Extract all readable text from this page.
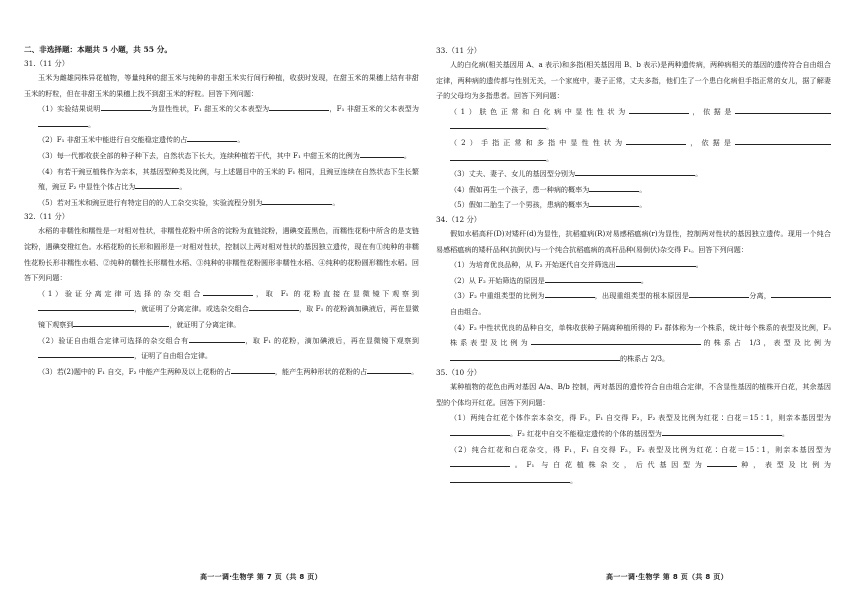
二、非选择题：本题共 5 小题，共 55 分。
31.（11 分）
玉米为雌雄同株异花植物，等量纯种的甜玉米与纯种的非甜玉米实行间行种植，收获时发现，在甜玉米的果穗上结有非甜玉米的籽粒，但在非甜玉米的果穗上找不到甜玉米的籽粒。回答下列问题：
（1）实验结果说明	为显性性状，F₁ 甜玉米的父本表型为	，F₁ 非甜玉米的父本表型为。
（2）F₁ 非甜玉米中能进行自交能稳定遗传的占	。
（3）每一代都收获全部的种子种下去，自然状态下长大，连续种植若干代，其中 F₁ 中甜玉米的比例为	。
（4）有若干豌豆植株作为亲本，其基因型种类及比例，与上述题目中的玉米的 F₁ 相同，且豌豆连续在自然状态下生长繁殖，豌豆 F₂ 中显性个体占比为	。
（5）若对玉米和豌豆进行有特定目的的人工杂交实验，实验流程分别为	。
32.（11 分）
水稻的非糯性和糯性是一对相对性状，非糯性花粉中所含的淀粉为直链淀粉，遇碘变蓝黑色，而糯性花粉中所含的是支链淀粉，遇碘变橙红色。水稻花粉的长形和圆形是一对相对性状，控制以上两对相对性状的基因独立遗传，现在有①纯种的非糯性花粉长形非糯性水稻、②纯种的糯性长形糯性水稻、③纯种的非糯性花粉圆形非糯性水稻、④纯种的花粉圆形糯性水稻。回答下列问题：
（1）验证分离定律可选择的杂交组合	，取 F₁ 的花粉直接在显微镜下观察到，就证明了分离定律。或选杂交组合	，取 F₁ 的花粉滴加碘液后，再在显微镜下观察到	，就证明了分离定律。
（2）验证自由组合定律可选择的杂交组合有	，取 F₁ 的花粉，滴加碘液后，再在显微镜下观察到，证明了自由组合定律。
（3）若(2)题中的 F₁ 自交，F₂ 中能产生两种及以上花粉的占	，能产生两种形状的花粉的占	。
33.（11 分）
人的白化病(相关基因用 A、a 表示)和多指(相关基因用 B、b 表示)是两种遗传病，两种病相关的基因的遗传符合自由组合定律，两种病的遗传都与性别无关，一个家庭中，妻子正常，丈夫多指，他们生了一个患白化病但手指正常的女儿，据了解妻子的父母均为多指患者。回答下列问题：
（1）肤色正常和白化病中显性性状为	，依据是。
（2）手指正常和多指中显性性状为	，依据是。
（3）丈夫、妻子、女儿的基因型分别为	。
（4）假如再生一个孩子，患一种病的概率为	。
（5）假如二胎生了一个男孩，患病的概率为	。
34.（12 分）
假如水稻高秆(D)对矮秆(d)为显性，抗稻瘟病(R)对易感稻瘟病(r)为显性，控制两对性状的基因独立遗传。现用一个纯合易感稻瘟病的矮秆品种(抗倒伏)与一个纯合抗稻瘟病的高秆品种(易倒伏)杂交得 F₁。回答下列问题：
（1）为培育优良品种，从 F₂ 开始逐代自交并筛选出	。
（2）从 F₂ 开始筛选的原因是	。
（3）F₂ 中重组类型的比例为	，出现重组类型的根本原因是	分离，自由组合。
（4）F₂ 中性状优良的品种自交，单株收获种子隔离种植所得的 F₃ 群体称为一个株系，统计每个株系的表型及比例，F₃ 株系表型及比例为	的株系占 1/3，表型及比例为的株系占 2/3。
35.（10 分）
某种植物的花色由两对基因 A/a、B/b 控制，两对基因的遗传符合自由组合定律，不含显性基因的植株开白花，其余基因型的个体均开红花。回答下列问题：
（1）两纯合红花个体作亲本杂交，得 F₁，F₁ 自交得 F₂，F₂ 表型及比例为红花∶白花＝15∶1，则亲本基因型为。F₂ 红花中自交不能稳定遗传的个体的基因型为	。
（2）纯合红花和白花杂交，得 F₁，F₁ 自交得 F₂，F₂ 表型及比例为红花∶白花＝15∶1，则亲本基因型为。F₁ 与白花植株杂交，后代基因型为	种，表型及比例为。
高一一调·生物学 第 7 页（共 8 页）	高一一调·生物学 第 8 页（共 8 页）
